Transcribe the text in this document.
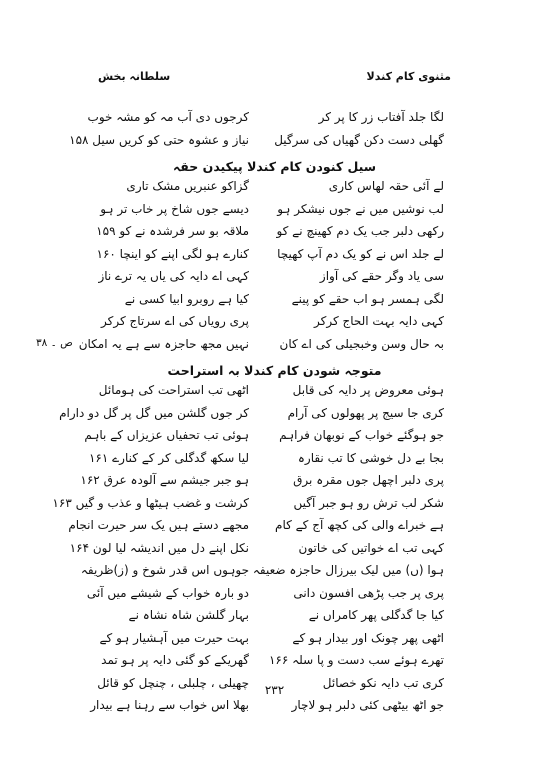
سلطانہ بخش	مثنوی کام کندلا
لگا جلد آفتاب زر کا پر کر
کرجوں دی آب مہ کو مشہ خوب
گهلی دست دکن گهیاں کی سرگیل
نیاز و عشوہ حتی کو کریں سیل ۱۵۸
سیل کنودن کام کندلا پیکیدن حقہ
لے آئی حقہ لهاس کاری
گزاکو عنبریں مشک تاری
لب نوشیں میں نے جوں نیشکر ہو
دیسے جوں شاخ پر خاب تر ہو
رکھی دلبر جب یک دم کهینچ نے کو
ملاقہ بو سر فرشدہ نے کو ۱۵۹
لے جلد اس نے کو یک دم آپ کھیچا
کنارے ہو لگی اپنے کو اینچا ۱۶۰
سی یاد وگر حقے کی آواز
کہی اے دایہ کی یاں یہ ترے ناز
لگی ہمسر ہو اب حقے کو پینے
کیا ہے روبرو ابیا کسی نے
کہی دایہ بہت الحاج کرکر
پری رویاں کی اے سرتاج کرکر
ص ۔ ۳۸	بہ حال وسن وخبجیلی کی اے کان
نہیں مجھ حاجزہ سے ہے یہ امکان
متوجہ شودن کام کندلا بہ استراحت
ہوئی معروض پر دایہ کی قابل
اٹھی تب استراحت کی ہومائل
کری جا سیج پر پهولوں کی آرام
کر جوں گلشن میں گل پر گل دو دارام
جو ہوگئے خواب کے نوبهان فراہم
ہوئی تب تحفیاں عزیزاں کے باہم
بجا بے دل خوشی کا تب نقارہ
لیا سکھ گدگلی کر کے کنارے ۱۶۱
پری دلبر اچهل جوں مقرہ برق
ہو جبر جیشم سے آلودہ عرق ۱۶۲
شکر لب ترش رو ہو جبر آگیں
کرشت و غضب ہیٹھا و عذب و گیں ۱۶۳
ہے خبراے والی کی کچھ آج کے کام
مجھے دستے ہیں یک سر حیرت انجام
کہی تب اے خواتیں کی خاتون
نکل اپنے دل میں اندیشہ لیا لون ۱۶۴
ہوا (ں) میں لیک بیرزال حاجزہ ضعیفہ
جوہوں اس قدر شوخ و (ز)ظریفہ
پری پر جب پڑھی افسون دانی
دو بارہ خواب کے شیشے میں آئی
کیا جا گدگلی پھر کامراں نے
بہار گلشن شاہ نشاہ نے
اٹھی پھر چونک اور بیدار ہو کے
بہت حیرت میں آہشیار ہو کے
تھرے ہوئے سب دست و پا سلہ ۱۶۶
گهریکے کو گئی دایہ پر ہو تمد
کری تب دایہ نکو خصائل
چهیلی ، چلبلی ، چنچل کو قائل
جو اٹھ بیٹھی کئی دلبر ہو لاچار
بھلا اس خواب سے رہنا ہے بیدار
۲۳۲
